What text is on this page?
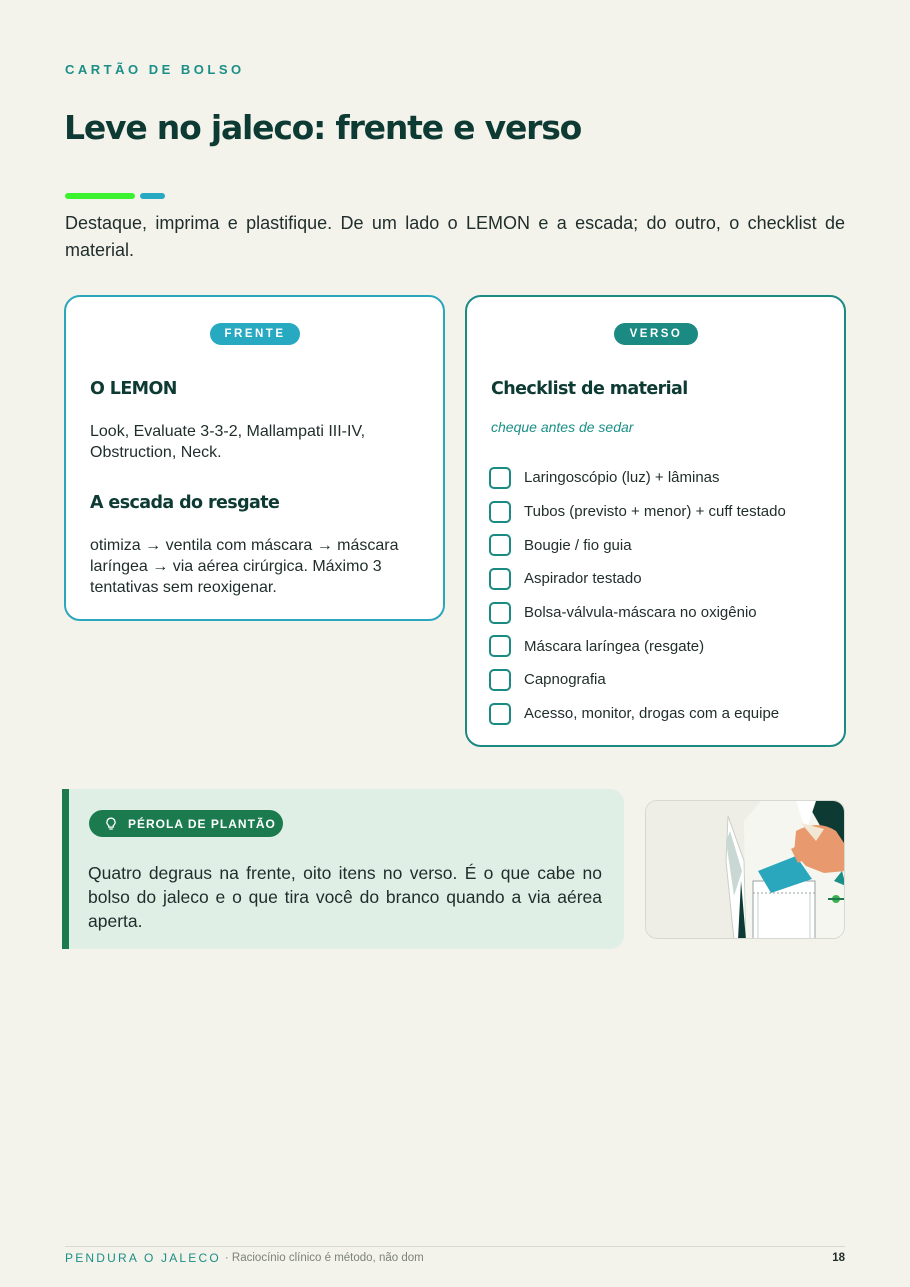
CARTÃO DE BOLSO
Leve no jaleco: frente e verso

Destaque, imprima e plastifique. De um lado o LEMON e a escada; do outro, o checklist de material.

FRENTE
O LEMON

Look, Evaluate 3-3-2, Mallampati III-IV, Obstruction, Neck.

A escada do resgate

otimiza → ventila com máscara → máscara laríngea → via aérea cirúrgica. Máximo 3 tentativas sem reoxigenar.

VERSO
Checklist de material
cheque antes de sedar
Laringoscópio (luz) + lâminas
Tubos (previsto + menor) + cuff testado
Bougie / fio guia
Aspirador testado
Bolsa-válvula-máscara no oxigênio
Máscara laríngea (resgate)
Capnografia
Acesso, monitor, drogas com a equipe
PÉROLA DE PLANTÃO

Quatro degraus na frente, oito itens no verso. É o que cabe no bolso do jaleco e o que tira você do branco quando a via aérea aperta.

PENDURA O JALECO · Raciocínio clínico é método, não dom	18
